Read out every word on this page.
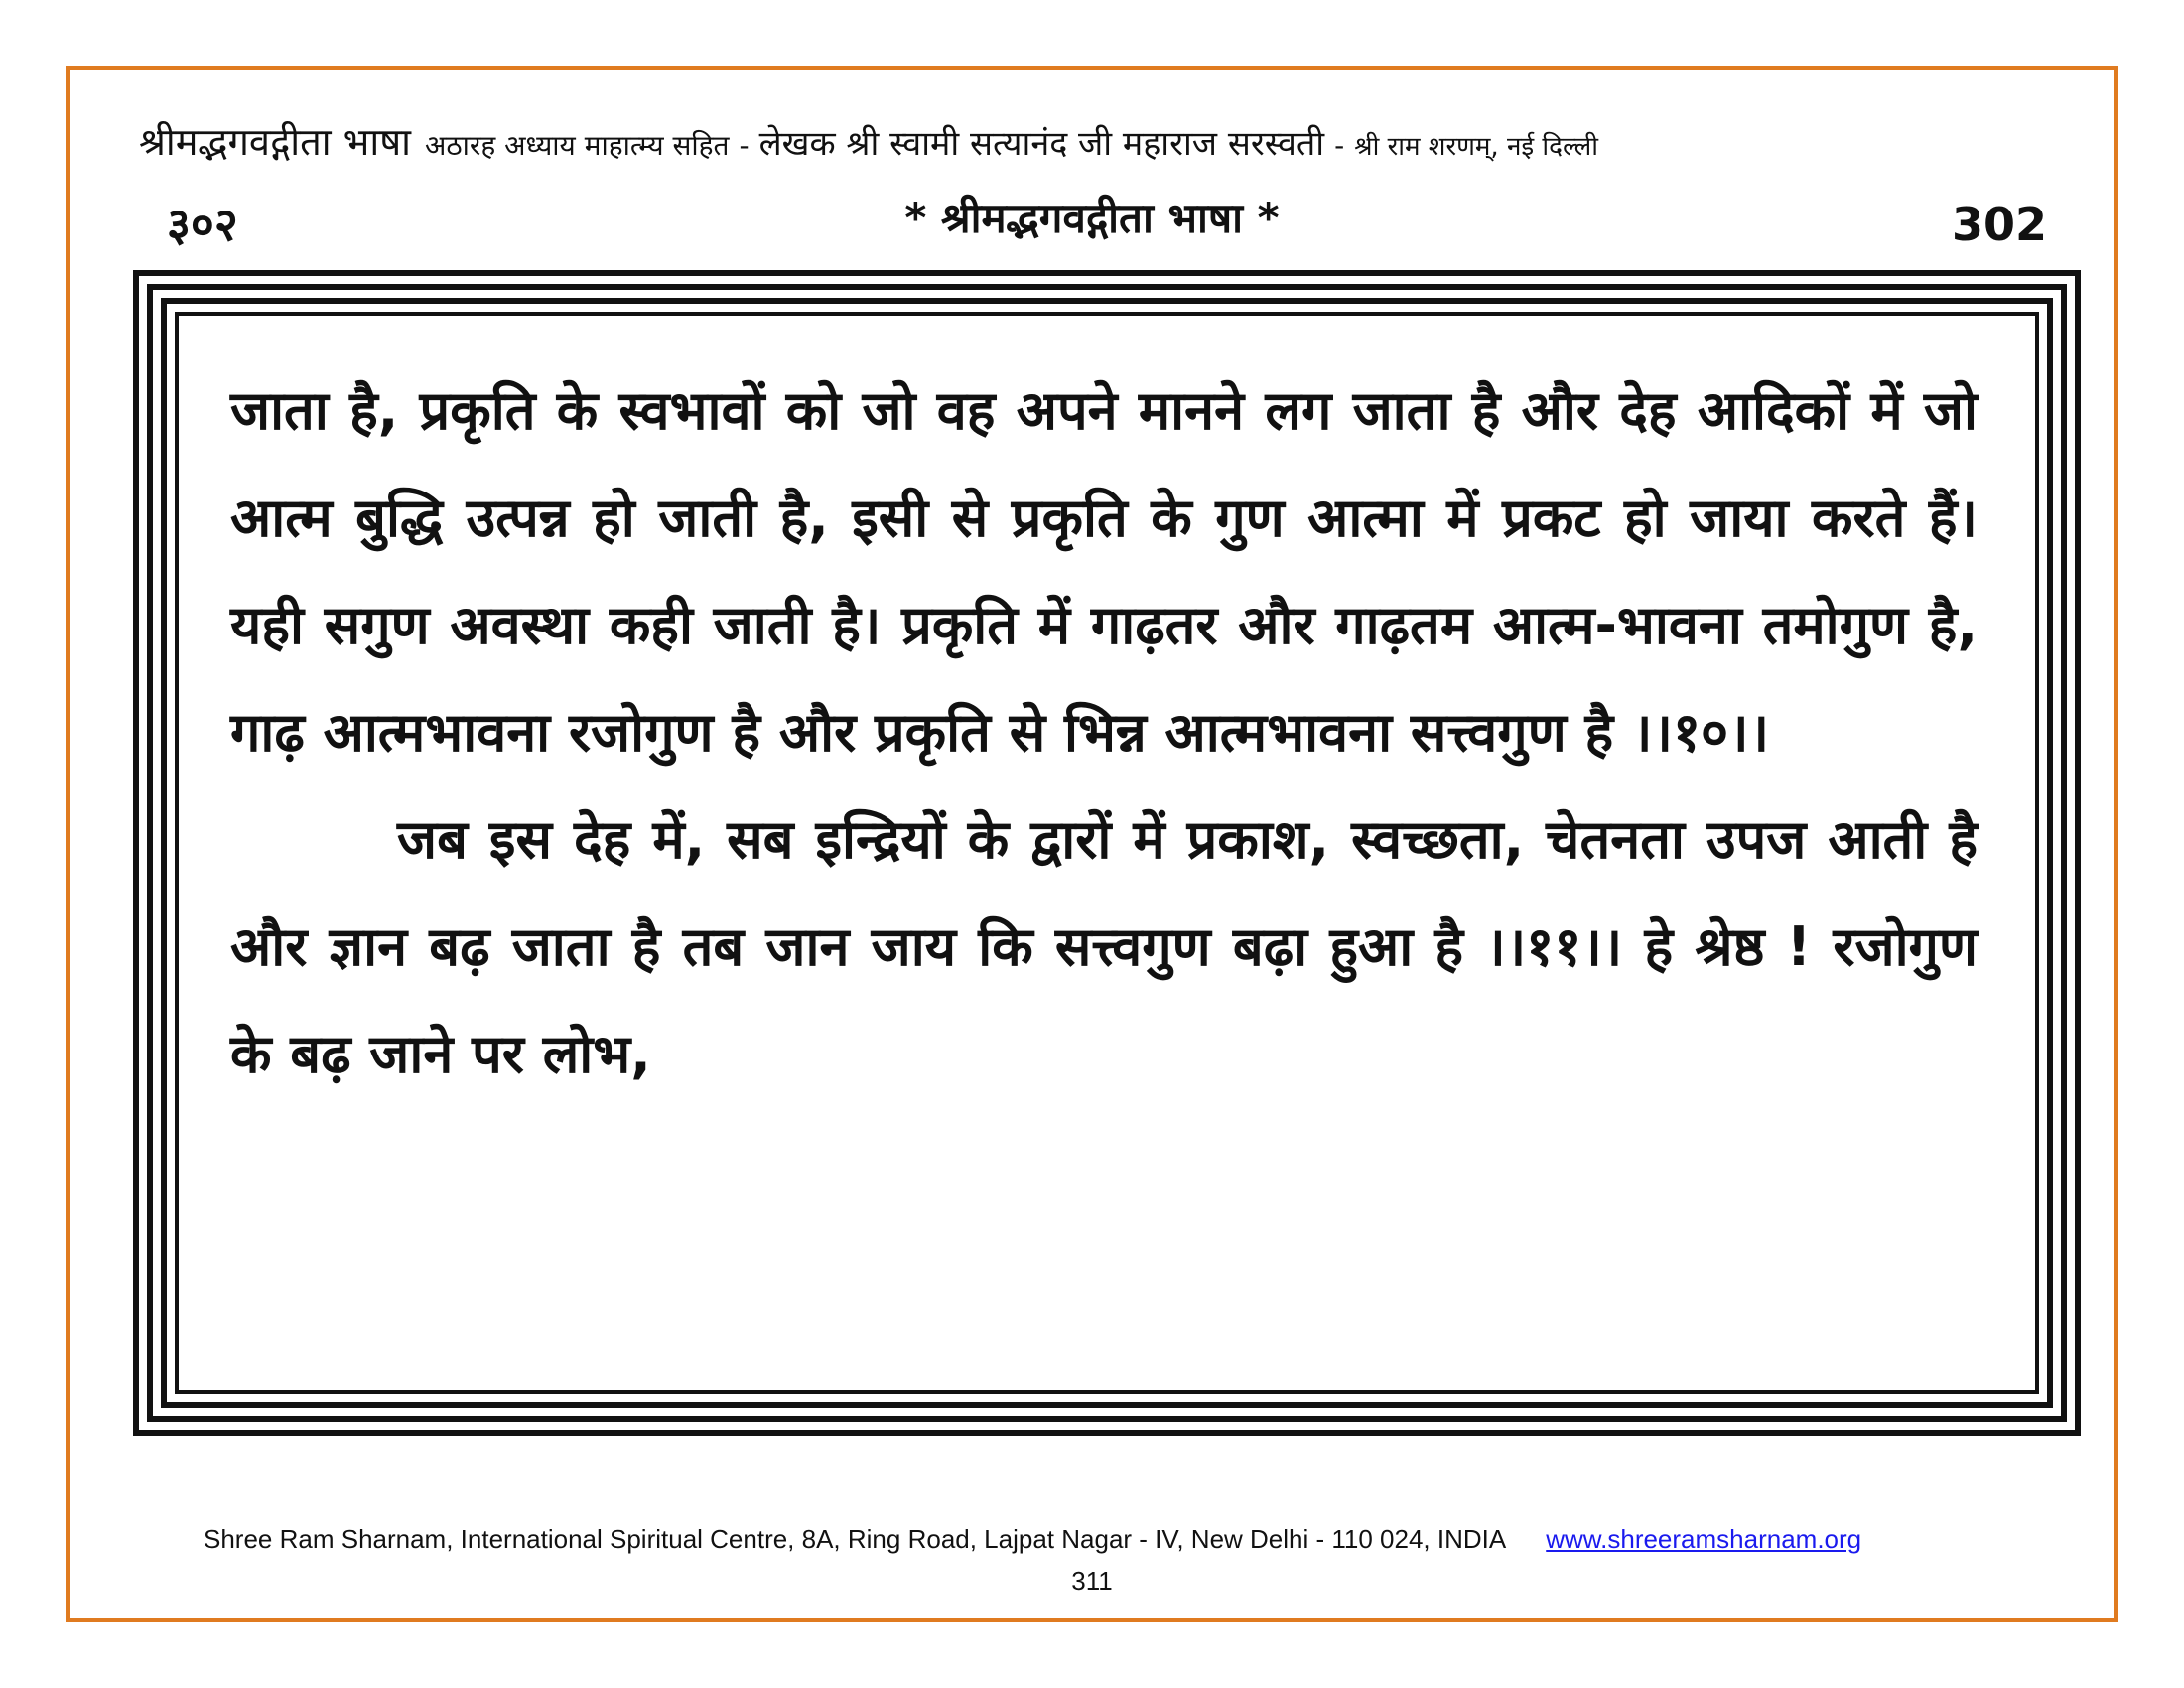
श्रीमद्भगवद्गीता भाषा अठारह अध्याय माहात्म्य सहित - लेखक श्री स्वामी सत्यानंद जी महाराज सरस्वती - श्री राम शरणम्, नई दिल्ली
३०२	* श्रीमद्भगवद्गीता भाषा *	302

जाता है, प्रकृति के स्वभावों को जो वह अपने मानने लग जाता है और देह आदिकों में जो आत्म बुद्धि उत्पन्न हो जाती है, इसी से प्रकृति के गुण आत्मा में प्रकट हो जाया करते हैं। यही सगुण अवस्था कही जाती है। प्रकृति में गाढ़तर और गाढ़तम आत्म-भावना तमोगुण है, गाढ़ आत्मभावना रजोगुण है और प्रकृति से भिन्न आत्मभावना सत्त्वगुण है ।।१०।।

जब इस देह में, सब इन्द्रियों के द्वारों में प्रकाश, स्वच्छता, चेतनता उपज आती है और ज्ञान बढ़ जाता है तब जान जाय कि सत्त्वगुण बढ़ा हुआ है ।।११।। हे श्रेष्ठ ! रजोगुण के बढ़ जाने पर लोभ,

Shree Ram Sharnam, International Spiritual Centre, 8A, Ring Road, Lajpat Nagar - IV, New Delhi - 110 024, INDIA www.shreeramsharnam.org
311
